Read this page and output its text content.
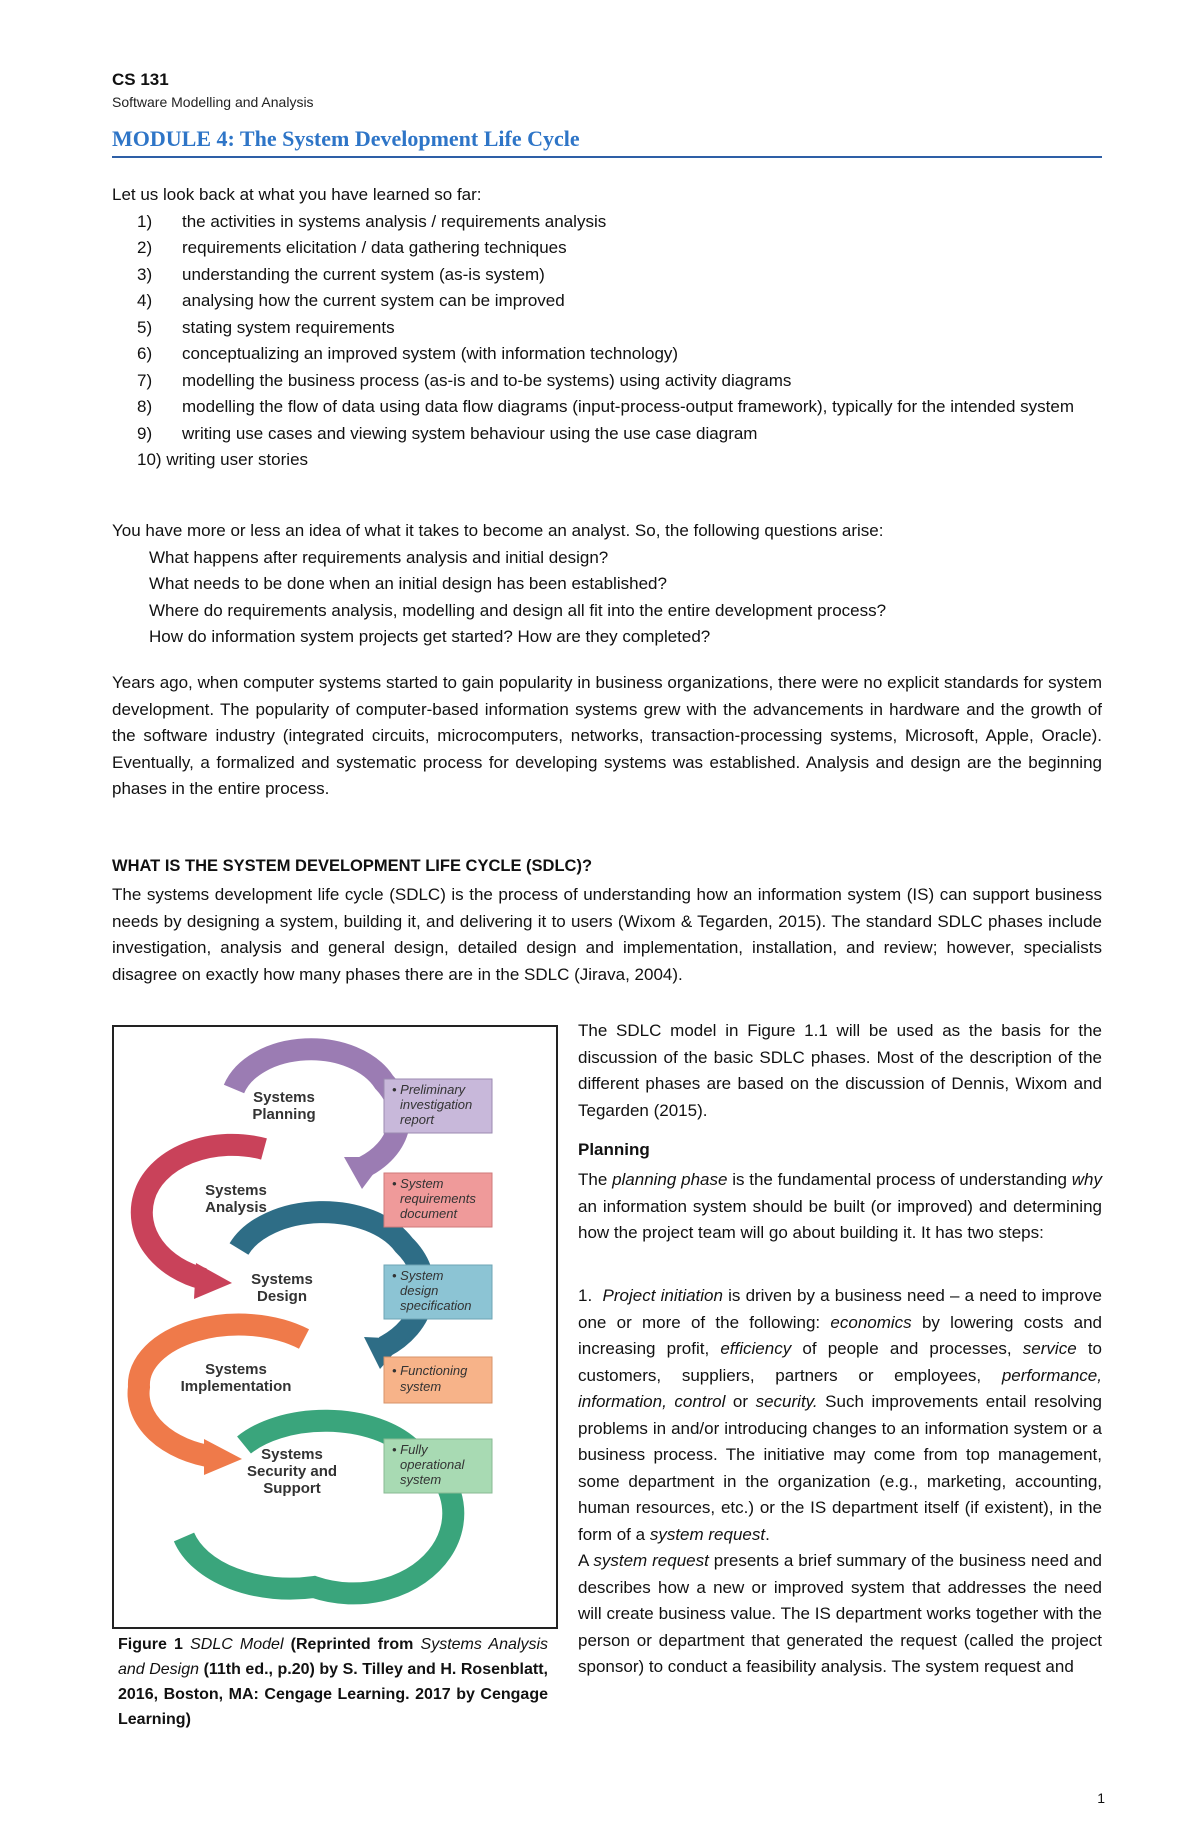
CS 131
Software Modelling and Analysis
MODULE 4: The System Development Life Cycle
Let us look back at what you have learned so far:
1) the activities in systems analysis / requirements analysis
2) requirements elicitation / data gathering techniques
3) understanding the current system (as-is system)
4) analysing how the current system can be improved
5) stating system requirements
6) conceptualizing an improved system (with information technology)
7) modelling the business process (as-is and to-be systems) using activity diagrams
8) modelling the flow of data using data flow diagrams (input-process-output framework), typically for the intended system
9) writing use cases and viewing system behaviour using the use case diagram
10) writing user stories
You have more or less an idea of what it takes to become an analyst. So, the following questions arise:
What happens after requirements analysis and initial design?
What needs to be done when an initial design has been established?
Where do requirements analysis, modelling and design all fit into the entire development process?
How do information system projects get started? How are they completed?
Years ago, when computer systems started to gain popularity in business organizations, there were no explicit standards for system development. The popularity of computer-based information systems grew with the advancements in hardware and the growth of the software industry (integrated circuits, microcomputers, networks, transaction-processing systems, Microsoft, Apple, Oracle). Eventually, a formalized and systematic process for developing systems was established. Analysis and design are the beginning phases in the entire process.
WHAT IS THE SYSTEM DEVELOPMENT LIFE CYCLE (SDLC)?
The systems development life cycle (SDLC) is the process of understanding how an information system (IS) can support business needs by designing a system, building it, and delivering it to users (Wixom & Tegarden, 2015). The standard SDLC phases include investigation, analysis and general design, detailed design and implementation, installation, and review; however, specialists disagree on exactly how many phases there are in the SDLC (Jirava, 2004).
Systems
Planning
Systems
Analysis
Systems
Design
Systems
Implementation
Systems
Security and
Support
• Preliminary
investigation
report
• System
requirements
document
• System
design
specification
• Functioning
system
• Fully
operational
system
Figure 1 SDLC Model (Reprinted from Systems Analysis and Design (11th ed., p.20) by S. Tilley and H. Rosenblatt, 2016, Boston, MA: Cengage Learning. 2017 by Cengage Learning)
The SDLC model in Figure 1.1 will be used as the basis for the discussion of the basic SDLC phases. Most of the description of the different phases are based on the discussion of Dennis, Wixom and Tegarden (2015).
Planning
The planning phase is the fundamental process of understanding why an information system should be built (or improved) and determining how the project team will go about building it. It has two steps:
1. Project initiation is driven by a business need – a need to improve one or more of the following: economics by lowering costs and increasing profit, efficiency of people and processes, service to customers, suppliers, partners or employees, performance, information, control or security. Such improvements entail resolving problems in and/or introducing changes to an information system or a business process. The initiative may come from top management, some department in the organization (e.g., marketing, accounting, human resources, etc.) or the IS department itself (if existent), in the form of a system request.
A system request presents a brief summary of the business need and describes how a new or improved system that addresses the need will create business value. The IS department works together with the person or department that generated the request (called the project sponsor) to conduct a feasibility analysis. The system request and
1
